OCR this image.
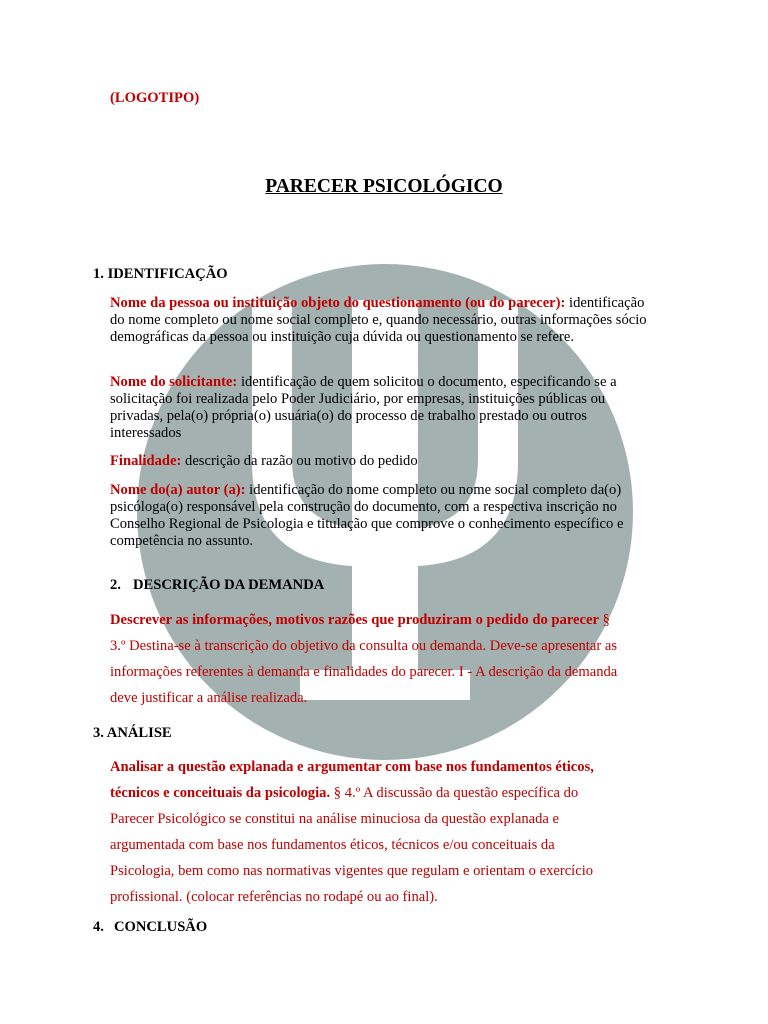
(LOGOTIPO)
PARECER PSICOLÓGICO
1. IDENTIFICAÇÃO
Nome da pessoa ou instituição objeto do questionamento (ou do parecer): identificação do nome completo ou nome social completo e, quando necessário, outras informações sócio demográficas da pessoa ou instituição cuja dúvida ou questionamento se refere.
Nome do solicitante: identificação de quem solicitou o documento, especificando se a solicitação foi realizada pelo Poder Judiciário, por empresas, instituições públicas ou privadas, pela(o) própria(o) usuária(o) do processo de trabalho prestado ou outros interessados
Finalidade: descrição da razão ou motivo do pedido
Nome do(a) autor (a): identificação do nome completo ou nome social completo da(o) psicóloga(o) responsável pela construção do documento, com a respectiva inscrição no Conselho Regional de Psicologia e titulação que comprove o conhecimento específico e competência no assunto.
2. DESCRIÇÃO DA DEMANDA
Descrever as informações, motivos razões que produziram o pedido do parecer § 3.º Destina-se à transcrição do objetivo da consulta ou demanda. Deve-se apresentar as informações referentes à demanda e finalidades do parecer. I - A descrição da demanda deve justificar a análise realizada.
3. ANÁLISE
Analisar a questão explanada e argumentar com base nos fundamentos éticos, técnicos e conceituais da psicologia. § 4.º A discussão da questão específica do Parecer Psicológico se constitui na análise minuciosa da questão explanada e argumentada com base nos fundamentos éticos, técnicos e/ou conceituais da Psicologia, bem como nas normativas vigentes que regulam e orientam o exercício profissional. (colocar referências no rodapé ou ao final).
4. CONCLUSÃO
